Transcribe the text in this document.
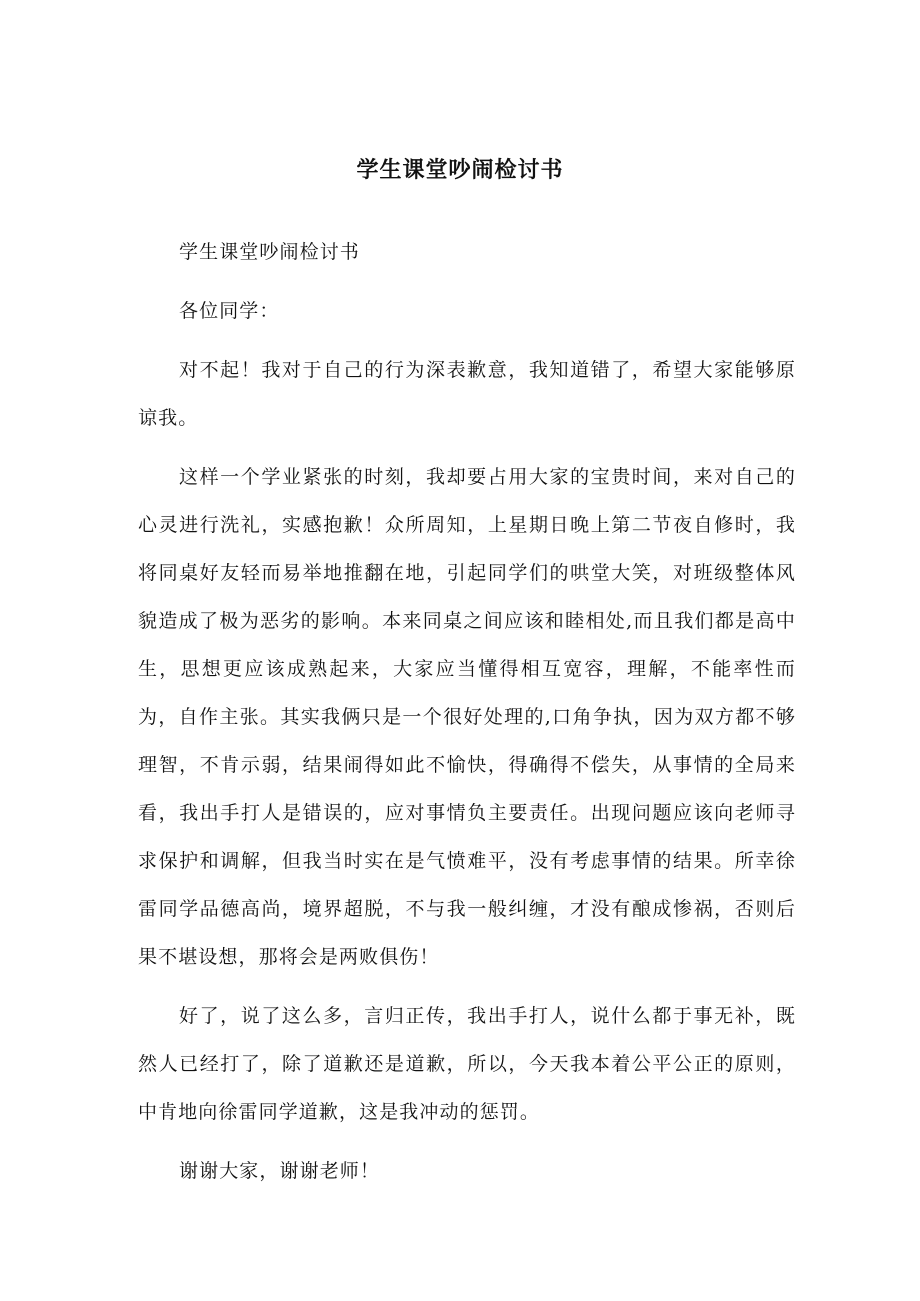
学生课堂吵闹检讨书

学生课堂吵闹检讨书

各位同学：

对不起！我对于自己的行为深表歉意，我知道错了，希望大家能够原谅我。

这样一个学业紧张的时刻，我却要占用大家的宝贵时间，来对自己的心灵进行洗礼，实感抱歉！众所周知，上星期日晚上第二节夜自修时，我将同桌好友轻而易举地推翻在地，引起同学们的哄堂大笑，对班级整体风貌造成了极为恶劣的影响。本来同桌之间应该和睦相处,而且我们都是高中生，思想更应该成熟起来，大家应当懂得相互宽容，理解，不能率性而为，自作主张。其实我俩只是一个很好处理的,口角争执，因为双方都不够理智，不肯示弱，结果闹得如此不愉快，得确得不偿失，从事情的全局来看，我出手打人是错误的，应对事情负主要责任。出现问题应该向老师寻求保护和调解，但我当时实在是气愤难平，没有考虑事情的结果。所幸徐雷同学品德高尚，境界超脱，不与我一般纠缠，才没有酿成惨祸，否则后果不堪设想，那将会是两败俱伤！

好了，说了这么多，言归正传，我出手打人，说什么都于事无补，既然人已经打了，除了道歉还是道歉，所以，今天我本着公平公正的原则，中肯地向徐雷同学道歉，这是我冲动的惩罚。

谢谢大家，谢谢老师！
